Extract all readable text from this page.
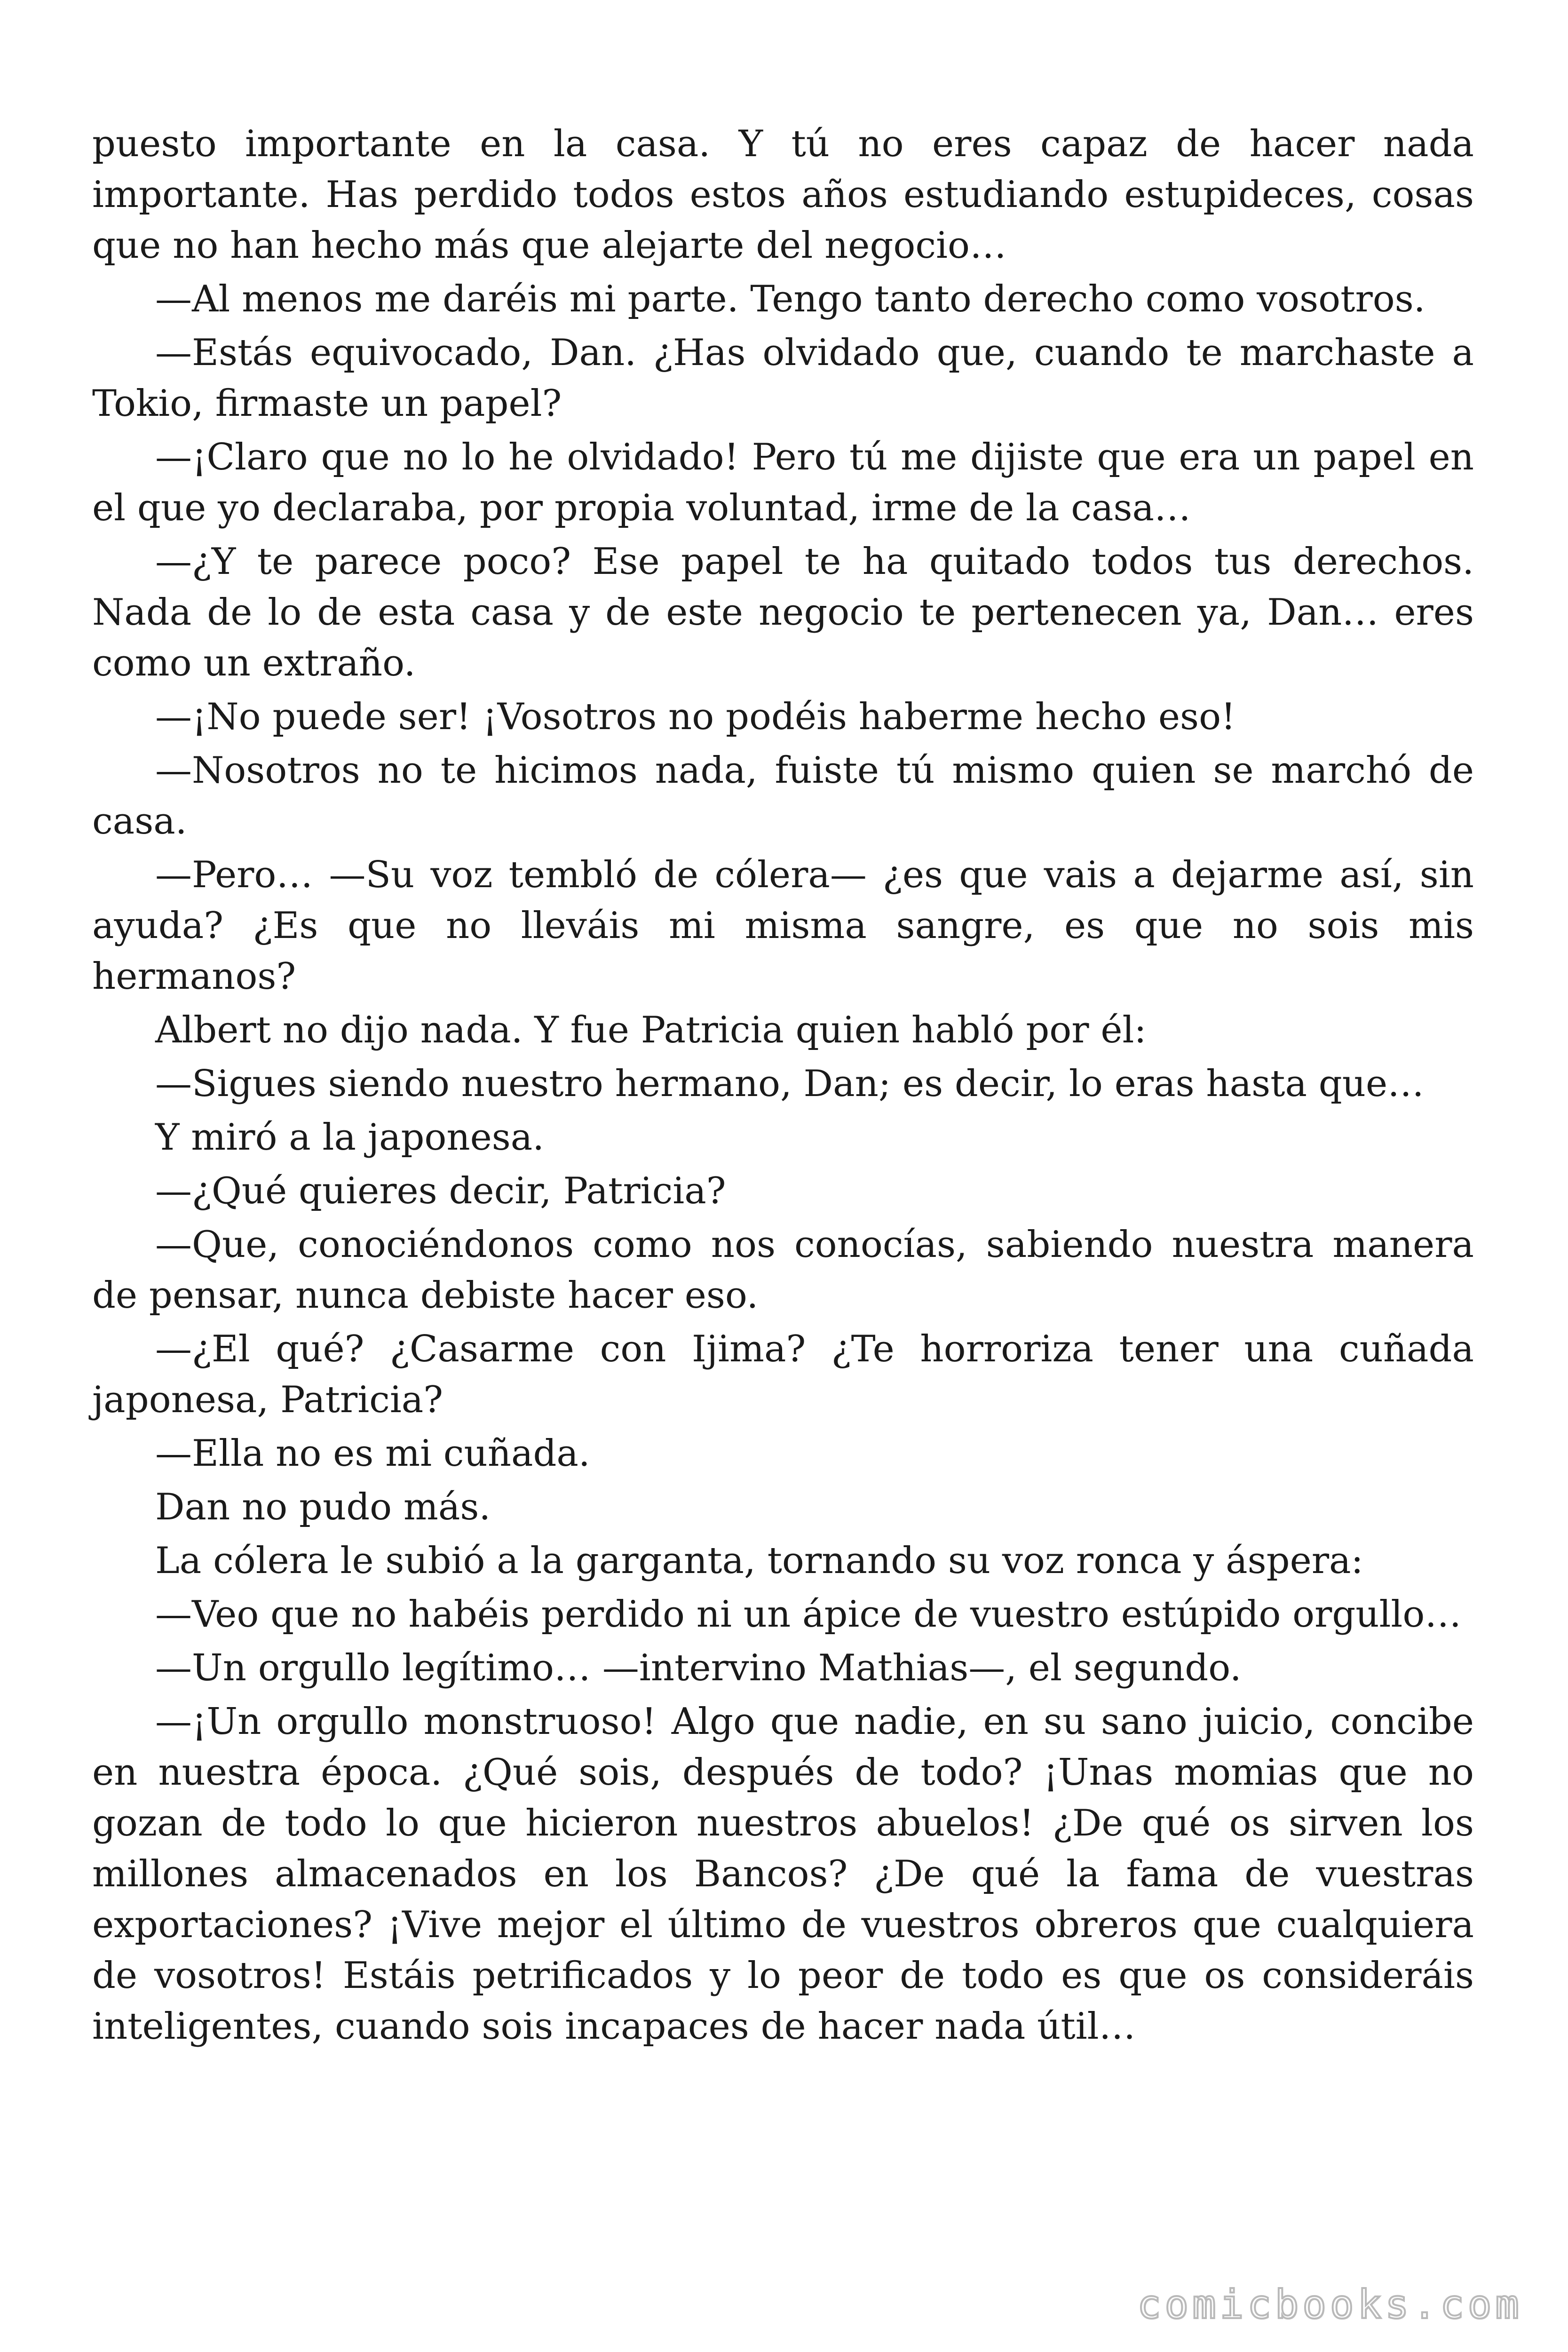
puesto importante en la casa. Y tú no eres capaz de hacer nada importante. Has perdido todos estos años estudiando estupideces, cosas que no han hecho más que alejarte del negocio…

—Al menos me daréis mi parte. Tengo tanto derecho como vosotros.

—Estás equivocado, Dan. ¿Has olvidado que, cuando te marchaste a Tokio, firmaste un papel?

—¡Claro que no lo he olvidado! Pero tú me dijiste que era un papel en el que yo declaraba, por propia voluntad, irme de la casa…

—¿Y te parece poco? Ese papel te ha quitado todos tus derechos. Nada de lo de esta casa y de este negocio te pertenecen ya, Dan… eres como un extraño.

—¡No puede ser! ¡Vosotros no podéis haberme hecho eso!

—Nosotros no te hicimos nada, fuiste tú mismo quien se marchó de casa.

—Pero… —Su voz tembló de cólera— ¿es que vais a dejarme así, sin ayuda? ¿Es que no lleváis mi misma sangre, es que no sois mis hermanos?

Albert no dijo nada. Y fue Patricia quien habló por él:

—Sigues siendo nuestro hermano, Dan; es decir, lo eras hasta que…

Y miró a la japonesa.

—¿Qué quieres decir, Patricia?

—Que, conociéndonos como nos conocías, sabiendo nuestra manera de pensar, nunca debiste hacer eso.

—¿El qué? ¿Casarme con Ijima? ¿Te horroriza tener una cuñada japonesa, Patricia?

—Ella no es mi cuñada.

Dan no pudo más.

La cólera le subió a la garganta, tornando su voz ronca y áspera:

—Veo que no habéis perdido ni un ápice de vuestro estúpido orgullo…

—Un orgullo legítimo… —intervino Mathias—, el segundo.

—¡Un orgullo monstruoso! Algo que nadie, en su sano juicio, concibe en nuestra época. ¿Qué sois, después de todo? ¡Unas momias que no gozan de todo lo que hicieron nuestros abuelos! ¿De qué os sirven los millones almacenados en los Bancos? ¿De qué la fama de vuestras exportaciones? ¡Vive mejor el último de vuestros obreros que cualquiera de vosotros! Estáis petrificados y lo peor de todo es que os consideráis inteligentes, cuando sois incapaces de hacer nada útil…

comicbooks.com
